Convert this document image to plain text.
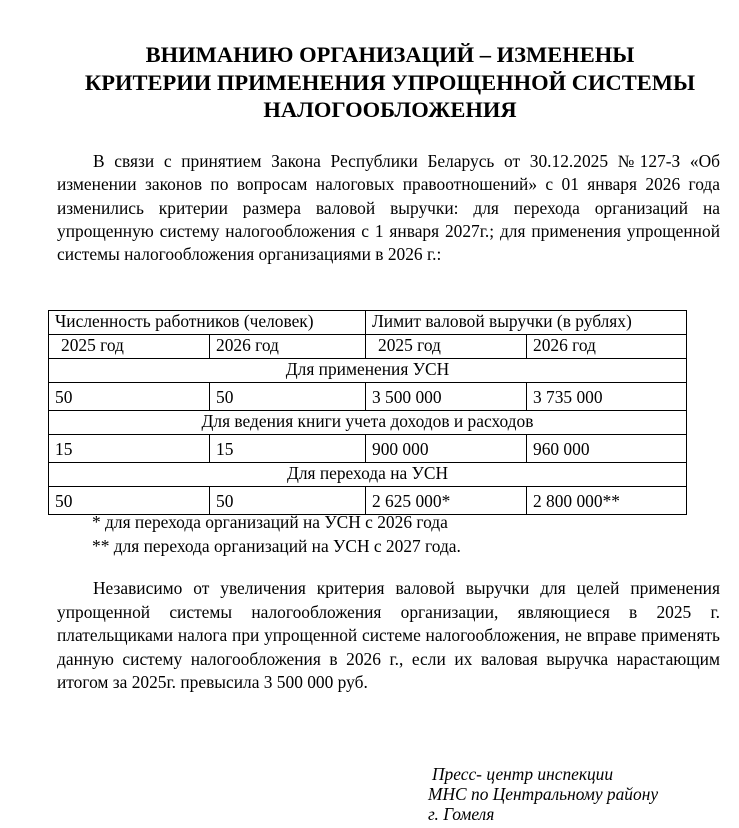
ВНИМАНИЮ ОРГАНИЗАЦИЙ – ИЗМЕНЕНЫ
КРИТЕРИИ ПРИМЕНЕНИЯ УПРОЩЕННОЙ СИСТЕМЫ
НАЛОГООБЛОЖЕНИЯ

В связи с принятием Закона Республики Беларусь от 30.12.2025 №127-З «Об изменении законов по вопросам налоговых правоотношений» с 01 января 2026 года изменились критерии размера валовой выручки: для перехода организаций на упрощенную систему налогообложения с 1 января 2027г.; для применения упрощенной системы налогообложения организациями в 2026 г.:

Численность работников (человек)		Лимит валовой выручки (в рублях)	
2025 год	2026 год	2025 год	2026 год
Для применения УСН			
50	50	3 500 000	3 735 000
Для ведения книги учета доходов и расходов			
15	15	900 000	960 000
Для перехода на УСН			
50	50	2 625 000*	2 800 000**
* для перехода организаций на УСН с 2026 года
** для перехода организаций на УСН с 2027 года.

Независимо от увеличения критерия валовой выручки для целей применения упрощенной системы налогообложения организации, являющиеся в 2025 г. плательщиками налога при упрощенной системе налогообложения, не вправе применять данную систему налогообложения в 2026 г., если их валовая выручка нарастающим итогом за 2025г. превысила 3 500 000 руб.

Пресс- центр инспекции
МНС по Центральному району
г. Гомеля
